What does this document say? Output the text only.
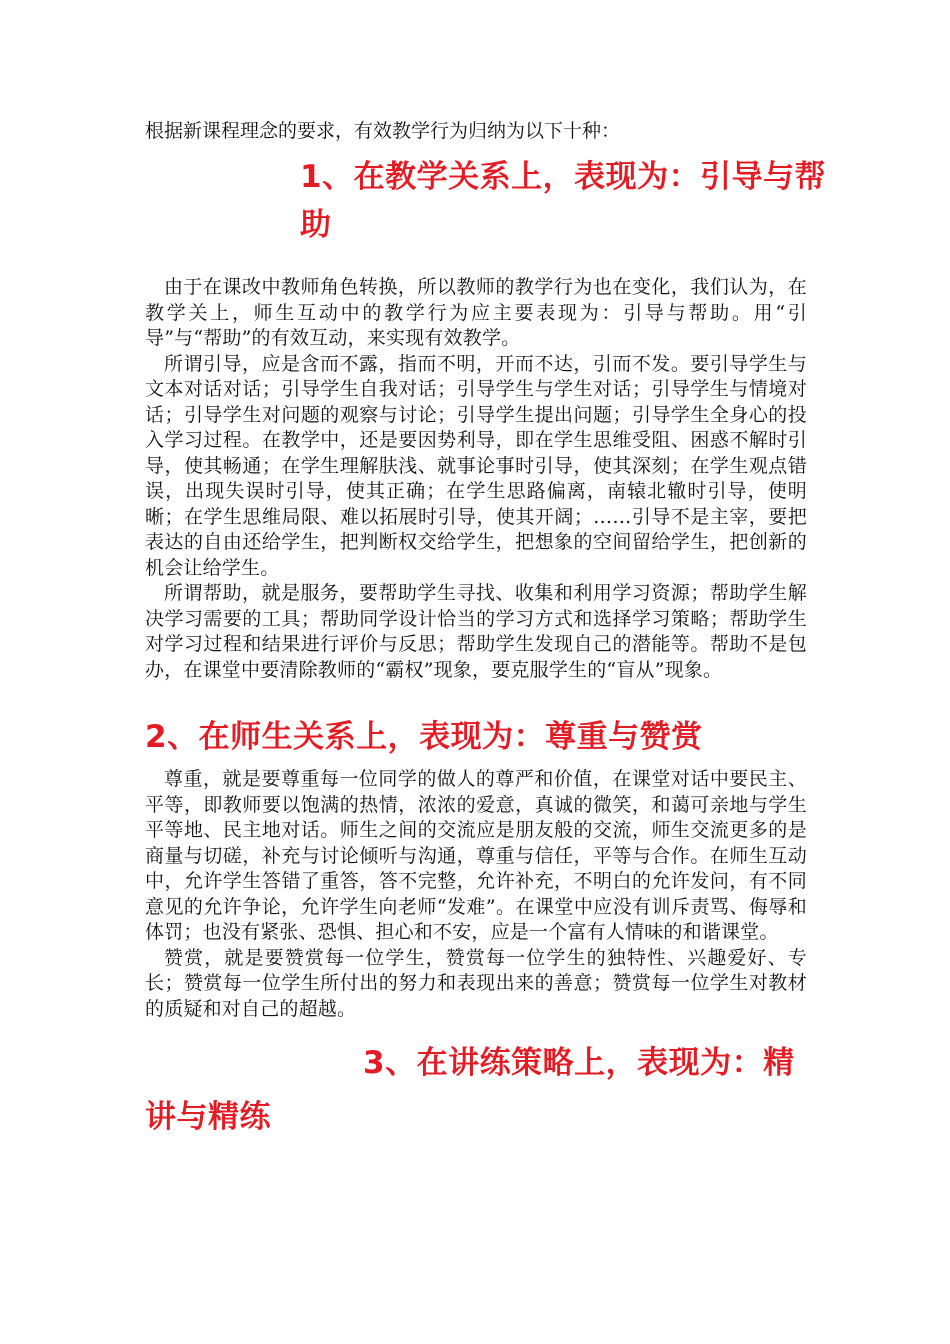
根据新课程理念的要求，有效教学行为归纳为以下十种：

1、在教学关系上，表现为：引导与帮助

由于在课改中教师角色转换，所以教师的教学行为也在变化，我们认为，在教学关上，师生互动中的教学行为应主要表现为：引导与帮助。用“引导”与“帮助”的有效互动，来实现有效教学。

所谓引导，应是含而不露，指而不明，开而不达，引而不发。要引导学生与文本对话对话；引导学生自我对话；引导学生与学生对话；引导学生与情境对话；引导学生对问题的观察与讨论；引导学生提出问题；引导学生全身心的投入学习过程。在教学中，还是要因势利导，即在学生思维受阻、困惑不解时引导，使其畅通；在学生理解肤浅、就事论事时引导，使其深刻；在学生观点错误，出现失误时引导，使其正确；在学生思路偏离，南辕北辙时引导，使明晰；在学生思维局限、难以拓展时引导，使其开阔；……引导不是主宰，要把表达的自由还给学生，把判断权交给学生，把想象的空间留给学生，把创新的机会让给学生。

所谓帮助，就是服务，要帮助学生寻找、收集和利用学习资源；帮助学生解决学习需要的工具；帮助同学设计恰当的学习方式和选择学习策略；帮助学生对学习过程和结果进行评价与反思；帮助学生发现自己的潜能等。帮助不是包办，在课堂中要清除教师的“霸权”现象，要克服学生的“盲从”现象。

2、在师生关系上，表现为：尊重与赞赏

尊重，就是要尊重每一位同学的做人的尊严和价值，在课堂对话中要民主、平等，即教师要以饱满的热情，浓浓的爱意，真诚的微笑，和蔼可亲地与学生平等地、民主地对话。师生之间的交流应是朋友般的交流，师生交流更多的是商量与切磋，补充与讨论倾听与沟通，尊重与信任，平等与合作。在师生互动中，允许学生答错了重答，答不完整，允许补充，不明白的允许发问，有不同意见的允许争论，允许学生向老师“发难”。在课堂中应没有训斥责骂、侮辱和体罚；也没有紧张、恐惧、担心和不安，应是一个富有人情味的和谐课堂。

赞赏，就是要赞赏每一位学生，赞赏每一位学生的独特性、兴趣爱好、专长；赞赏每一位学生所付出的努力和表现出来的善意；赞赏每一位学生对教材的质疑和对自己的超越。

3、在讲练策略上，表现为：精讲与精练
